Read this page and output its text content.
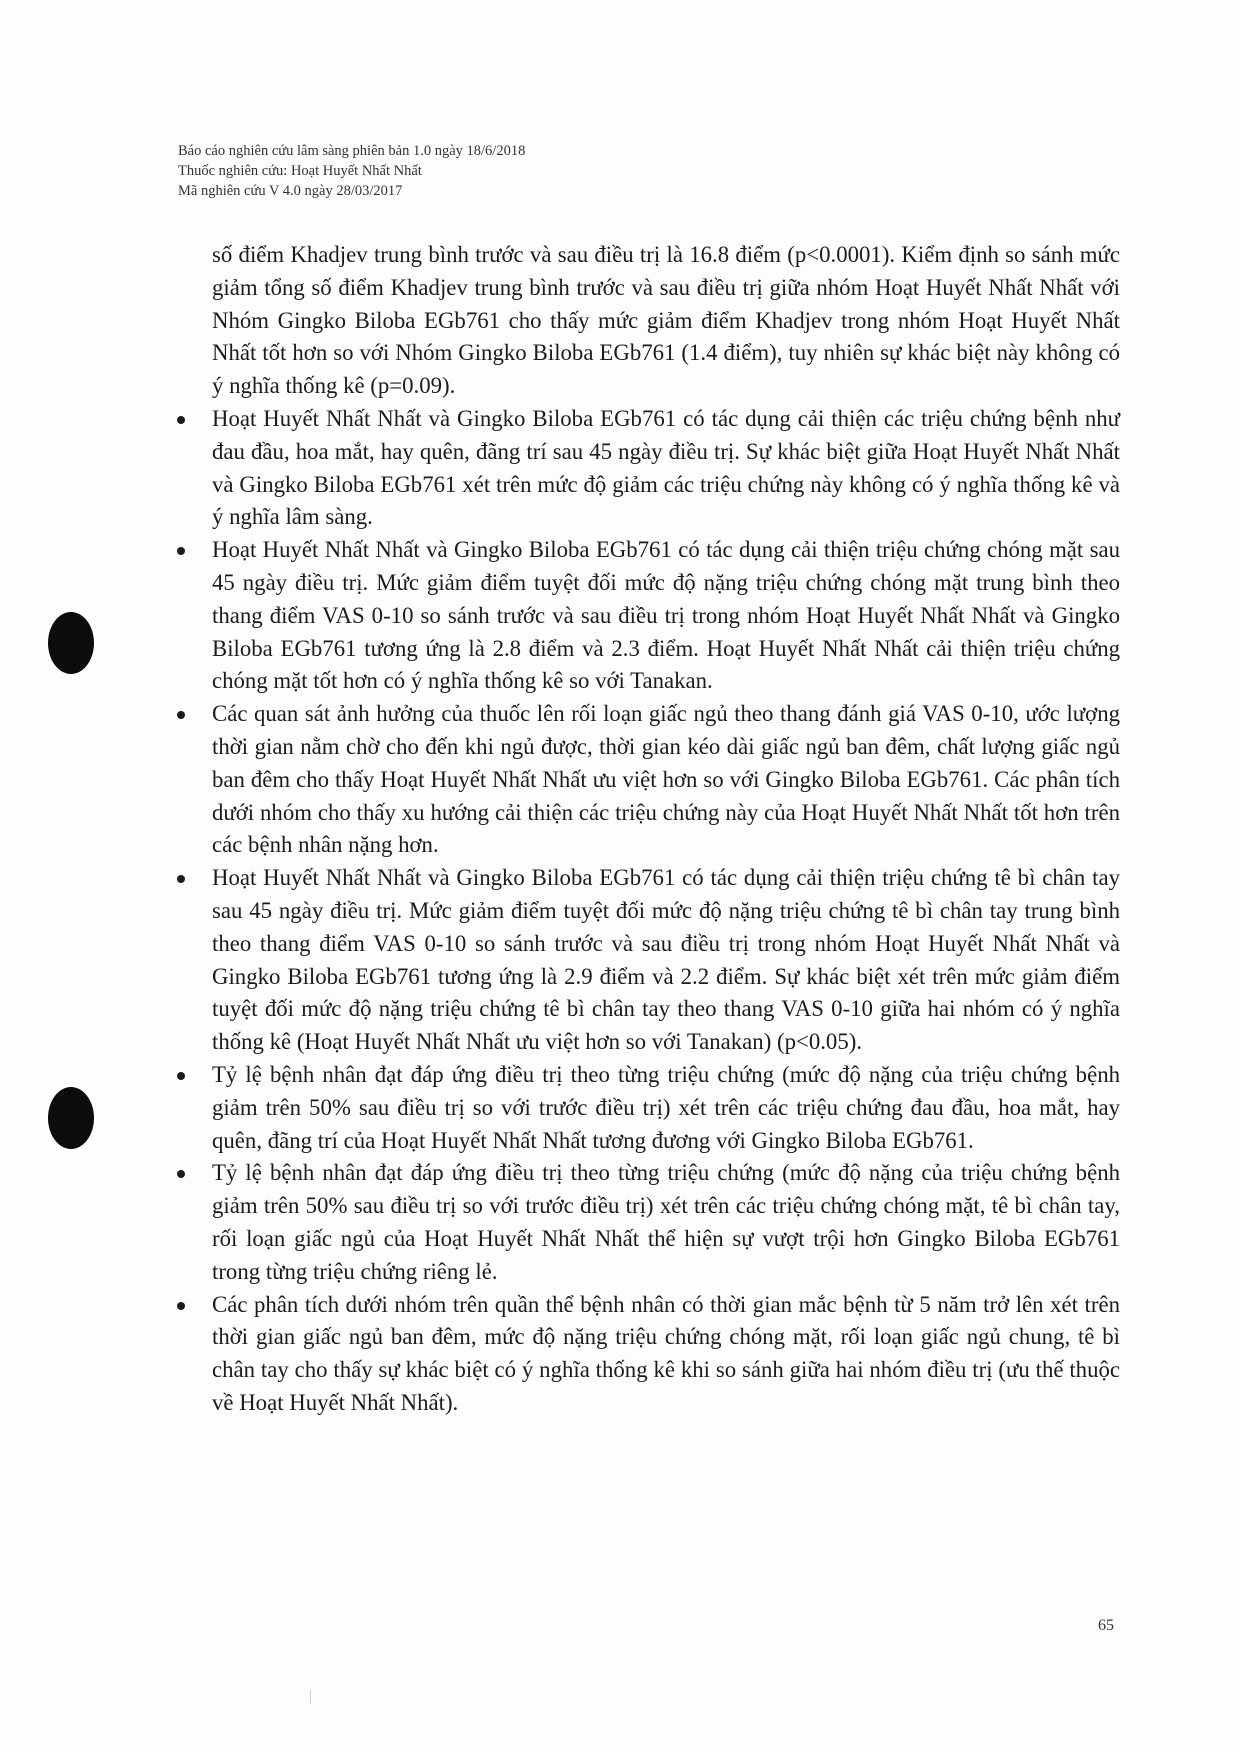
Báo cáo nghiên cứu lâm sàng phiên bản 1.0 ngày 18/6/2018
Thuốc nghiên cứu: Hoạt Huyết Nhất Nhất
Mã nghiên cứu V 4.0 ngày 28/03/2017

số điểm Khadjev trung bình trước và sau điều trị là 16.8 điểm (p<0.0001). Kiểm định so sánh mức giảm tổng số điểm Khadjev trung bình trước và sau điều trị giữa nhóm Hoạt Huyết Nhất Nhất với Nhóm Gingko Biloba EGb761 cho thấy mức giảm điểm Khadjev trong nhóm Hoạt Huyết Nhất Nhất tốt hơn so với Nhóm Gingko Biloba EGb761 (1.4 điểm), tuy nhiên sự khác biệt này không có ý nghĩa thống kê (p=0.09).

Hoạt Huyết Nhất Nhất và Gingko Biloba EGb761 có tác dụng cải thiện các triệu chứng bệnh như đau đầu, hoa mắt, hay quên, đãng trí sau 45 ngày điều trị. Sự khác biệt giữa Hoạt Huyết Nhất Nhất và Gingko Biloba EGb761 xét trên mức độ giảm các triệu chứng này không có ý nghĩa thống kê và ý nghĩa lâm sàng.
Hoạt Huyết Nhất Nhất và Gingko Biloba EGb761 có tác dụng cải thiện triệu chứng chóng mặt sau 45 ngày điều trị. Mức giảm điểm tuyệt đối mức độ nặng triệu chứng chóng mặt trung bình theo thang điểm VAS 0-10 so sánh trước và sau điều trị trong nhóm Hoạt Huyết Nhất Nhất và Gingko Biloba EGb761 tương ứng là 2.8 điểm và 2.3 điểm. Hoạt Huyết Nhất Nhất cải thiện triệu chứng chóng mặt tốt hơn có ý nghĩa thống kê so với Tanakan.
Các quan sát ảnh hưởng của thuốc lên rối loạn giấc ngủ theo thang đánh giá VAS 0-10, ước lượng thời gian nằm chờ cho đến khi ngủ được, thời gian kéo dài giấc ngủ ban đêm, chất lượng giấc ngủ ban đêm cho thấy Hoạt Huyết Nhất Nhất ưu việt hơn so với Gingko Biloba EGb761. Các phân tích dưới nhóm cho thấy xu hướng cải thiện các triệu chứng này của Hoạt Huyết Nhất Nhất tốt hơn trên các bệnh nhân nặng hơn.
Hoạt Huyết Nhất Nhất và Gingko Biloba EGb761 có tác dụng cải thiện triệu chứng tê bì chân tay sau 45 ngày điều trị. Mức giảm điểm tuyệt đối mức độ nặng triệu chứng tê bì chân tay trung bình theo thang điểm VAS 0-10 so sánh trước và sau điều trị trong nhóm Hoạt Huyết Nhất Nhất và Gingko Biloba EGb761 tương ứng là 2.9 điểm và 2.2 điểm. Sự khác biệt xét trên mức giảm điểm tuyệt đối mức độ nặng triệu chứng tê bì chân tay theo thang VAS 0-10 giữa hai nhóm có ý nghĩa thống kê (Hoạt Huyết Nhất Nhất ưu việt hơn so với Tanakan) (p<0.05).
Tỷ lệ bệnh nhân đạt đáp ứng điều trị theo từng triệu chứng (mức độ nặng của triệu chứng bệnh giảm trên 50% sau điều trị so với trước điều trị) xét trên các triệu chứng đau đầu, hoa mắt, hay quên, đãng trí của Hoạt Huyết Nhất Nhất tương đương với Gingko Biloba EGb761.
Tỷ lệ bệnh nhân đạt đáp ứng điều trị theo từng triệu chứng (mức độ nặng của triệu chứng bệnh giảm trên 50% sau điều trị so với trước điều trị) xét trên các triệu chứng chóng mặt, tê bì chân tay, rối loạn giấc ngủ của Hoạt Huyết Nhất Nhất thể hiện sự vượt trội hơn Gingko Biloba EGb761 trong từng triệu chứng riêng lẻ.
Các phân tích dưới nhóm trên quần thể bệnh nhân có thời gian mắc bệnh từ 5 năm trở lên xét trên thời gian giấc ngủ ban đêm, mức độ nặng triệu chứng chóng mặt, rối loạn giấc ngủ chung, tê bì chân tay cho thấy sự khác biệt có ý nghĩa thống kê khi so sánh giữa hai nhóm điều trị (ưu thế thuộc về Hoạt Huyết Nhất Nhất).
65
